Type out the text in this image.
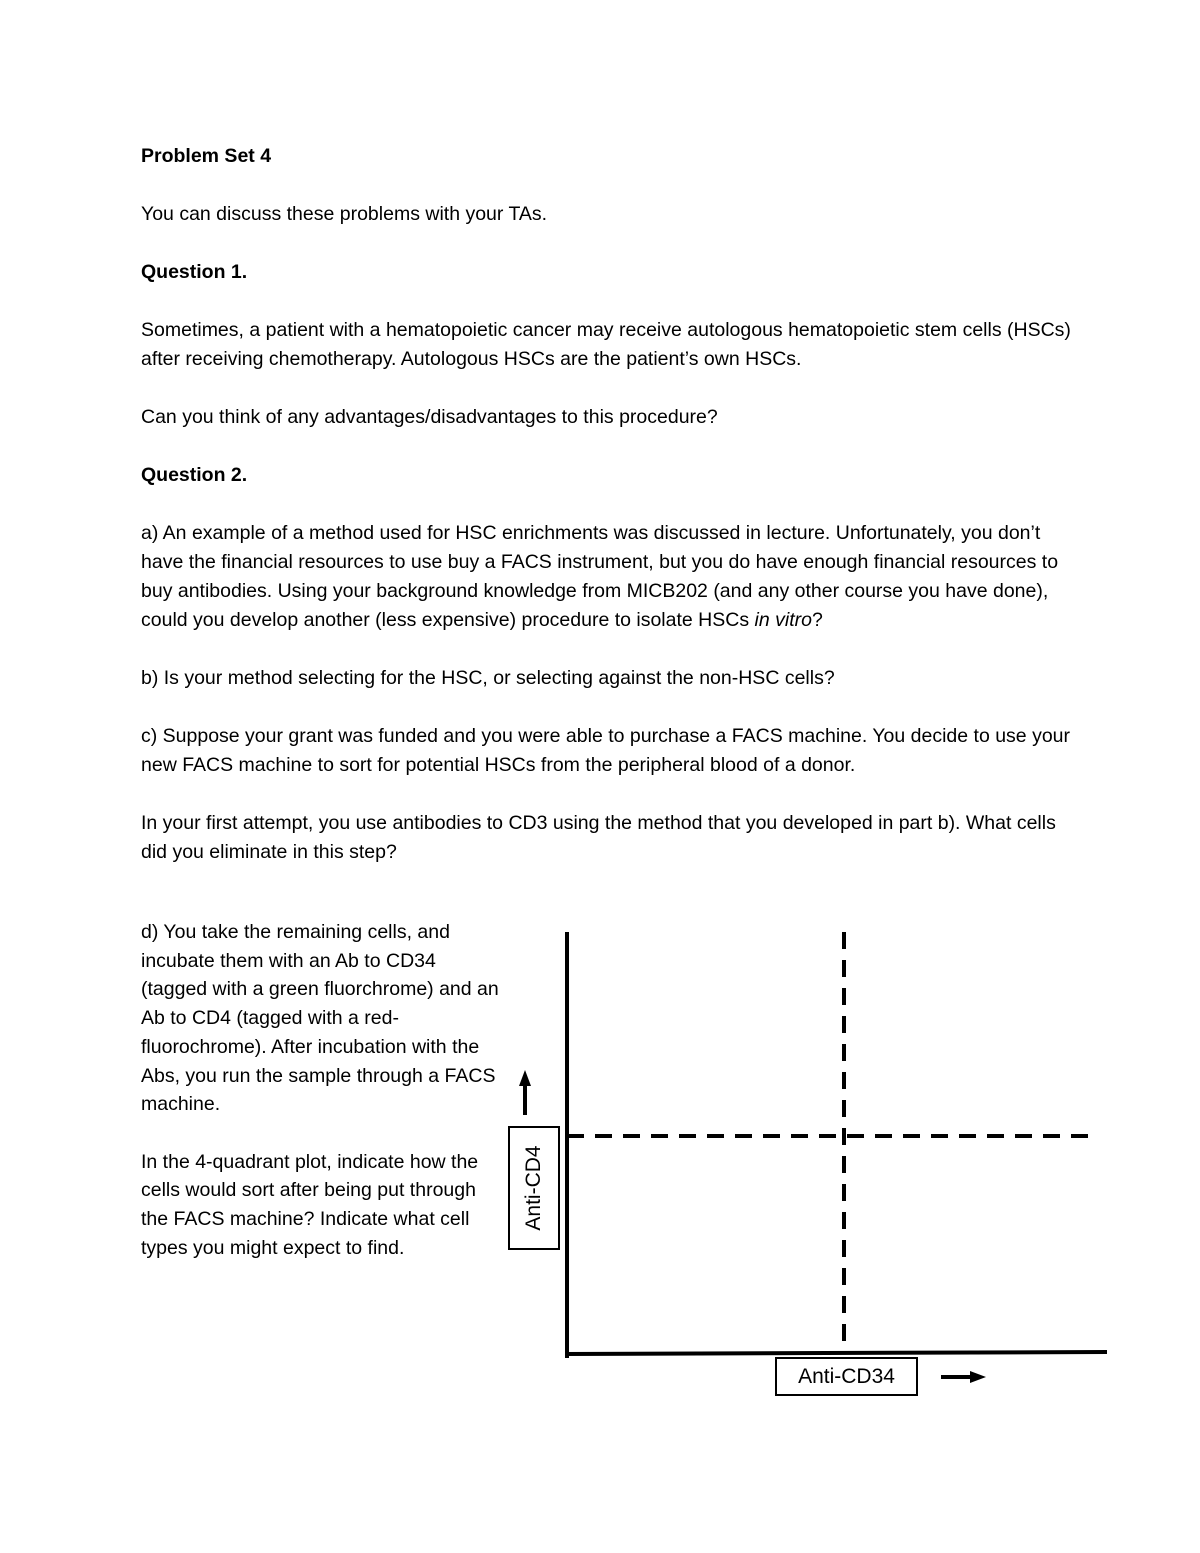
Problem Set 4

You can discuss these problems with your TAs.

Question 1.

Sometimes, a patient with a hematopoietic cancer may receive autologous hematopoietic stem cells (HSCs) after receiving chemotherapy. Autologous HSCs are the patient’s own HSCs.

Can you think of any advantages/disadvantages to this procedure?

Question 2.

a) An example of a method used for HSC enrichments was discussed in lecture. Unfortunately, you don’t have the financial resources to use buy a FACS instrument, but you do have enough financial resources to buy antibodies. Using your background knowledge from MICB202 (and any other course you have done), could you develop another (less expensive) procedure to isolate HSCs in vitro?

b) Is your method selecting for the HSC, or selecting against the non-HSC cells?

c) Suppose your grant was funded and you were able to purchase a FACS machine. You decide to use your new FACS machine to sort for potential HSCs from the peripheral blood of a donor.

In your first attempt, you use antibodies to CD3 using the method that you developed in part b). What cells did you eliminate in this step?

d) You take the remaining cells, and incubate them with an Ab to CD34 (tagged with a green fluorchrome) and an Ab to CD4 (tagged with a red-fluorochrome). After incubation with the Abs, you run the sample through a FACS machine.

In the 4-quadrant plot, indicate how the cells would sort after being put through the FACS machine? Indicate what cell types you might expect to find.

Anti-CD4
Anti-CD34
